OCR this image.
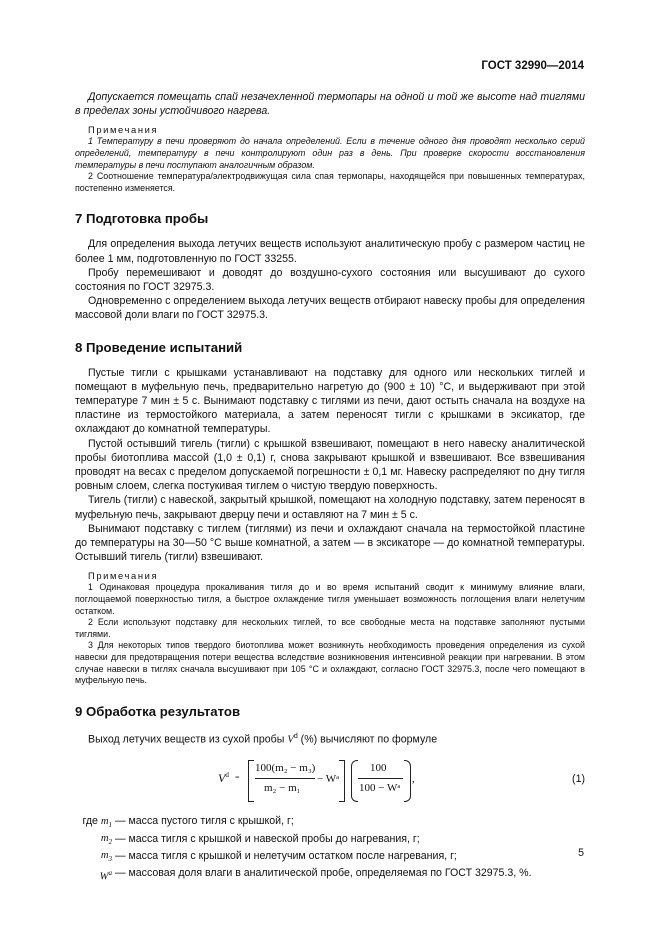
ГОСТ 32990—2014

Допускается помещать спай незачехленной термопары на одной и той же высоте над тиглями в пределах зоны устойчивого нагрева.

Примечания

1 Температуру в печи проверяют до начала определений. Если в течение одного дня проводят несколько серий определений, температуру в печи контролируют один раз в день. При проверке скорости восстановления температуры в печи поступают аналогичным образом.

2 Соотношение температура/электродвижущая сила спая термопары, находящейся при повышенных температурах, постепенно изменяется.

7 Подготовка пробы

Для определения выхода летучих веществ используют аналитическую пробу с размером частиц не более 1 мм, подготовленную по ГОСТ 33255.

Пробу перемешивают и доводят до воздушно-сухого состояния или высушивают до сухого состояния по ГОСТ 32975.3.

Одновременно с определением выхода летучих веществ отбирают навеску пробы для определения массовой доли влаги по ГОСТ 32975.3.

8 Проведение испытаний

Пустые тигли с крышками устанавливают на подставку для одного или нескольких тиглей и помещают в муфельную печь, предварительно нагретую до (900 ± 10) °С, и выдерживают при этой температуре 7 мин ± 5 с. Вынимают подставку с тиглями из печи, дают остыть сначала на воздухе на пластине из термостойкого материала, а затем переносят тигли с крышками в эксикатор, где охлаждают до комнатной температуры.

Пустой остывший тигель (тигли) с крышкой взвешивают, помещают в него навеску аналитической пробы биотоплива массой (1,0 ± 0,1) г, снова закрывают крышкой и взвешивают. Все взвешивания проводят на весах с пределом допускаемой погрешности ± 0,1 мг. Навеску распределяют по дну тигля ровным слоем, слегка постукивая тиглем о чистую твердую поверхность.

Тигель (тигли) с навеской, закрытый крышкой, помещают на холодную подставку, затем переносят в муфельную печь, закрывают дверцу печи и оставляют на 7 мин ± 5 с.

Вынимают подставку с тиглем (тиглями) из печи и охлаждают сначала на термостойкой пластине до температуры на 30—50 °С выше комнатной, а затем — в эксикаторе — до комнатной температуры. Остывший тигель (тигли) взвешивают.

Примечания

1 Одинаковая процедура прокаливания тигля до и во время испытаний сводит к минимуму влияние влаги, поглощаемой поверхностью тигля, а быстрое охлаждение тигля уменьшает возможность поглощения влаги нелетучим остатком.

2 Если используют подставку для нескольких тиглей, то все свободные места на подставке заполняют пустыми тиглями.

3 Для некоторых типов твердого биотоплива может возникнуть необходимость проведения определения из сухой навески для предотвращения потери вещества вследствие возникновения интенсивной реакции при нагревании. В этом случае навески в тиглях сначала высушивают при 105 °С и охлаждают, согласно ГОСТ 32975.3, после чего помещают в муфельную печь.

9 Обработка результатов

Выход летучих веществ из сухой пробы $V^d$ (%) вычисляют по формуле

$V^d$ =
100(m₂ − m₃)
m₂ − m₁
− Wᵃ
100
100 − Wᵃ
,	(1)
где $m_1$ — масса пустого тигля с крышкой, г;
$m_2$ — масса тигля с крышкой и навеской пробы до нагревания, г;
$m_3$ — масса тигля с крышкой и нелетучим остатком после нагревания, г;
$W^a$ — массовая доля влаги в аналитической пробе, определяемая по ГОСТ 32975.3, %.
5
